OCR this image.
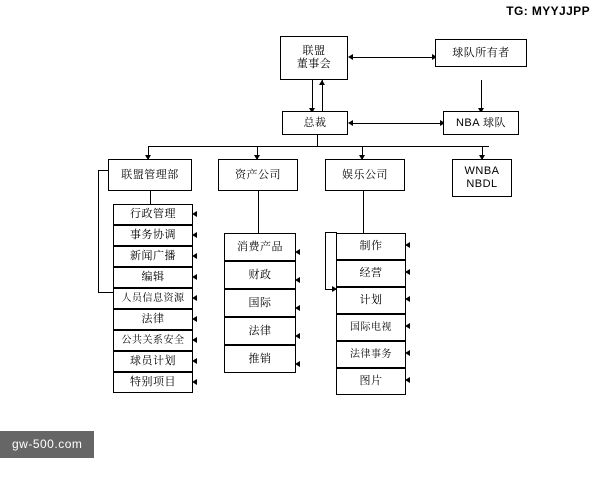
TG: MYYJJPP
gw-500.com
联盟
董事会
球队所有者
总裁	NBA 球队
联盟管理部	资产公司	娱乐公司	WNBA
NBDL
行政管理
事务协调
新闻广播
编辑
人员信息资源
法律
公共关系安全
球员计划
特别项目
消费产品
财政
国际
法律
推销
制作
经营
计划
国际电视
法律事务
图片
